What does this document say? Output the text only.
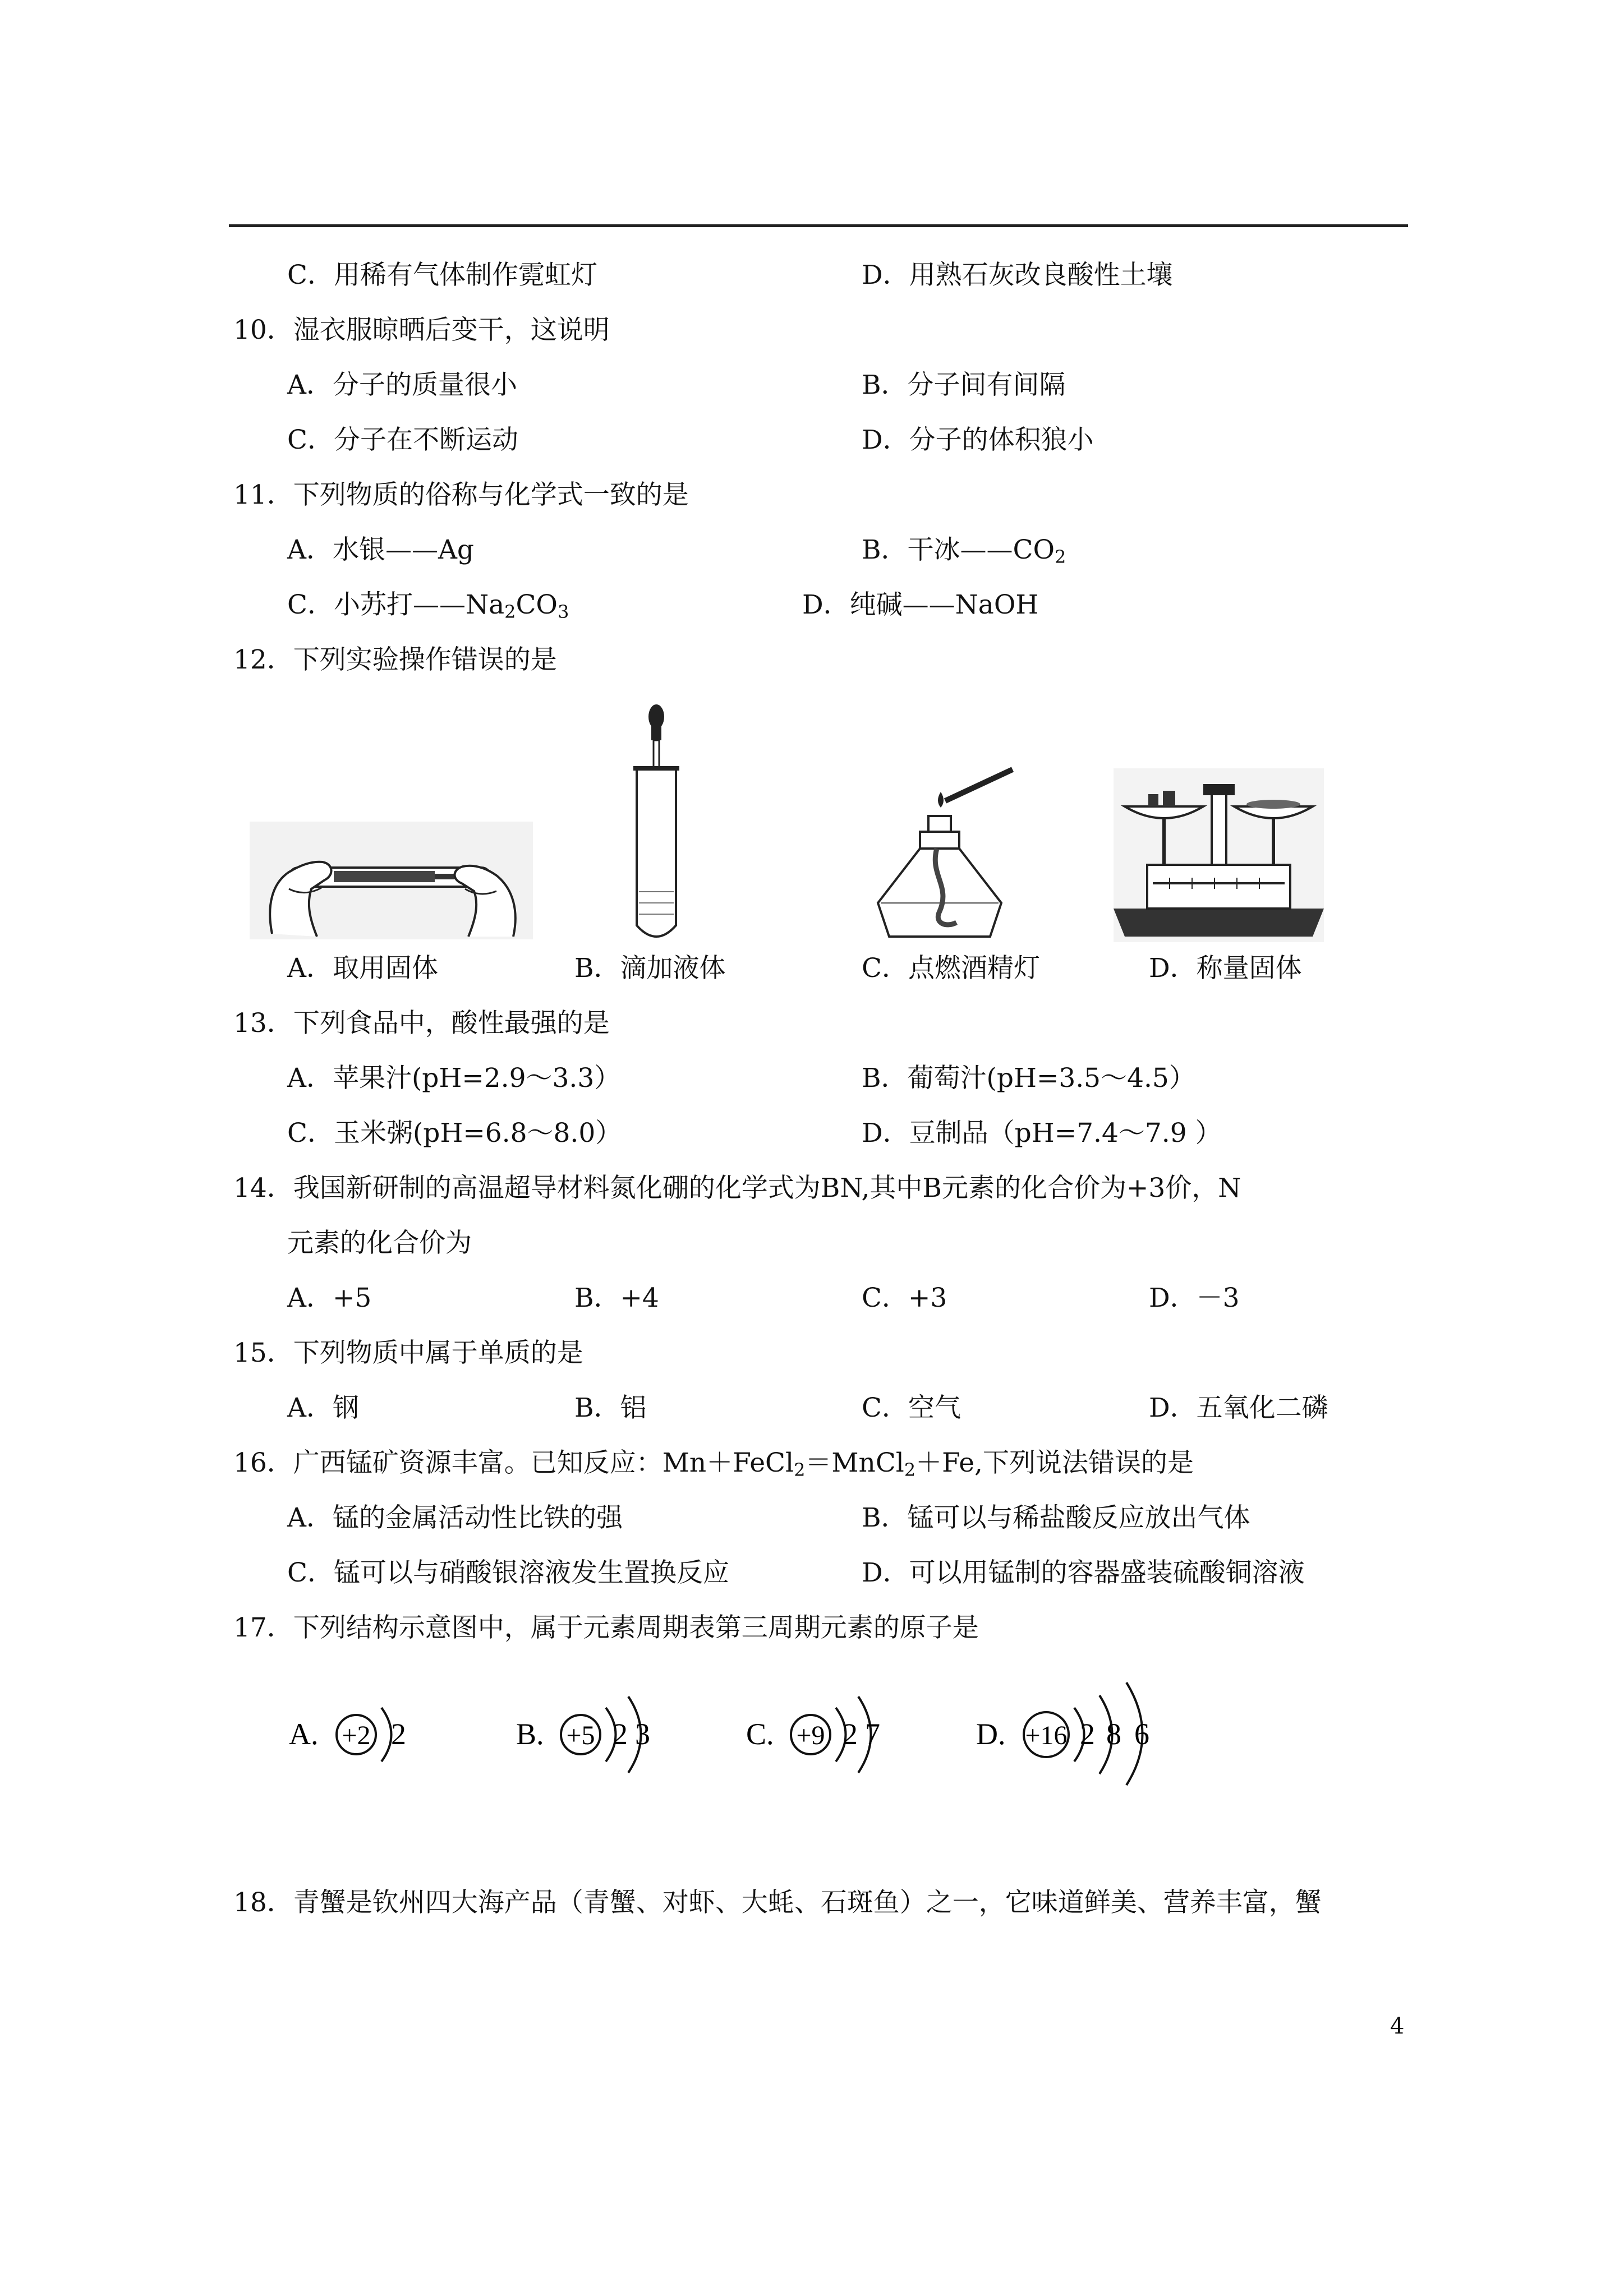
C．用稀有气体制作霓虹灯	D．用熟石灰改良酸性土壤
10．湿衣服晾晒后变干，这说明
A．分子的质量很小	B．分子间有间隔
C．分子在不断运动	D．分子的体积狼小
11．下列物质的俗称与化学式一致的是
A．水银——Ag	B．干冰$——CO_2$
C．小苏打$——Na_2CO_3$	D．纯碱——NaOH
12．下列实验操作错误的是
A．取用固体	B．滴加液体	C．点燃酒精灯	D．称量固体
13．下列食品中，酸性最强的是
A．苹果汁(pH=2.9～3.3）	B．葡萄汁(pH=3.5～4.5）
C．玉米粥(pH=6.8～8.0）	D．豆制品（pH=7.4～7.9 ）
14．我国新研制的高温超导材料氮化硼的化学式为BN,其中B元素的化合价为+3价，N
元素的化合价为
A．+5	B．+4	C．+3	D．－3
15．下列物质中属于单质的是
A．钢	B．铝	C．空气	D．五氧化二磷
16．广西锰矿资源丰富。已知反应：Mn＋FeCl$_2$＝MnCl$_2$＋Fe,下列说法错误的是
A．锰的金属活动性比铁的强	B．锰可以与稀盐酸反应放出气体
C．锰可以与硝酸银溶液发生置换反应	D．可以用锰制的容器盛装硫酸铜溶液
17．下列结构示意图中，属于元素周期表第三周期元素的原子是
A. +2 2	B. +5 2 3	C. +9 2 7	D. +16 2 8 6
18．青蟹是钦州四大海产品（青蟹、对虾、大蚝、石斑鱼）之一，它味道鲜美、营养丰富，蟹
4
